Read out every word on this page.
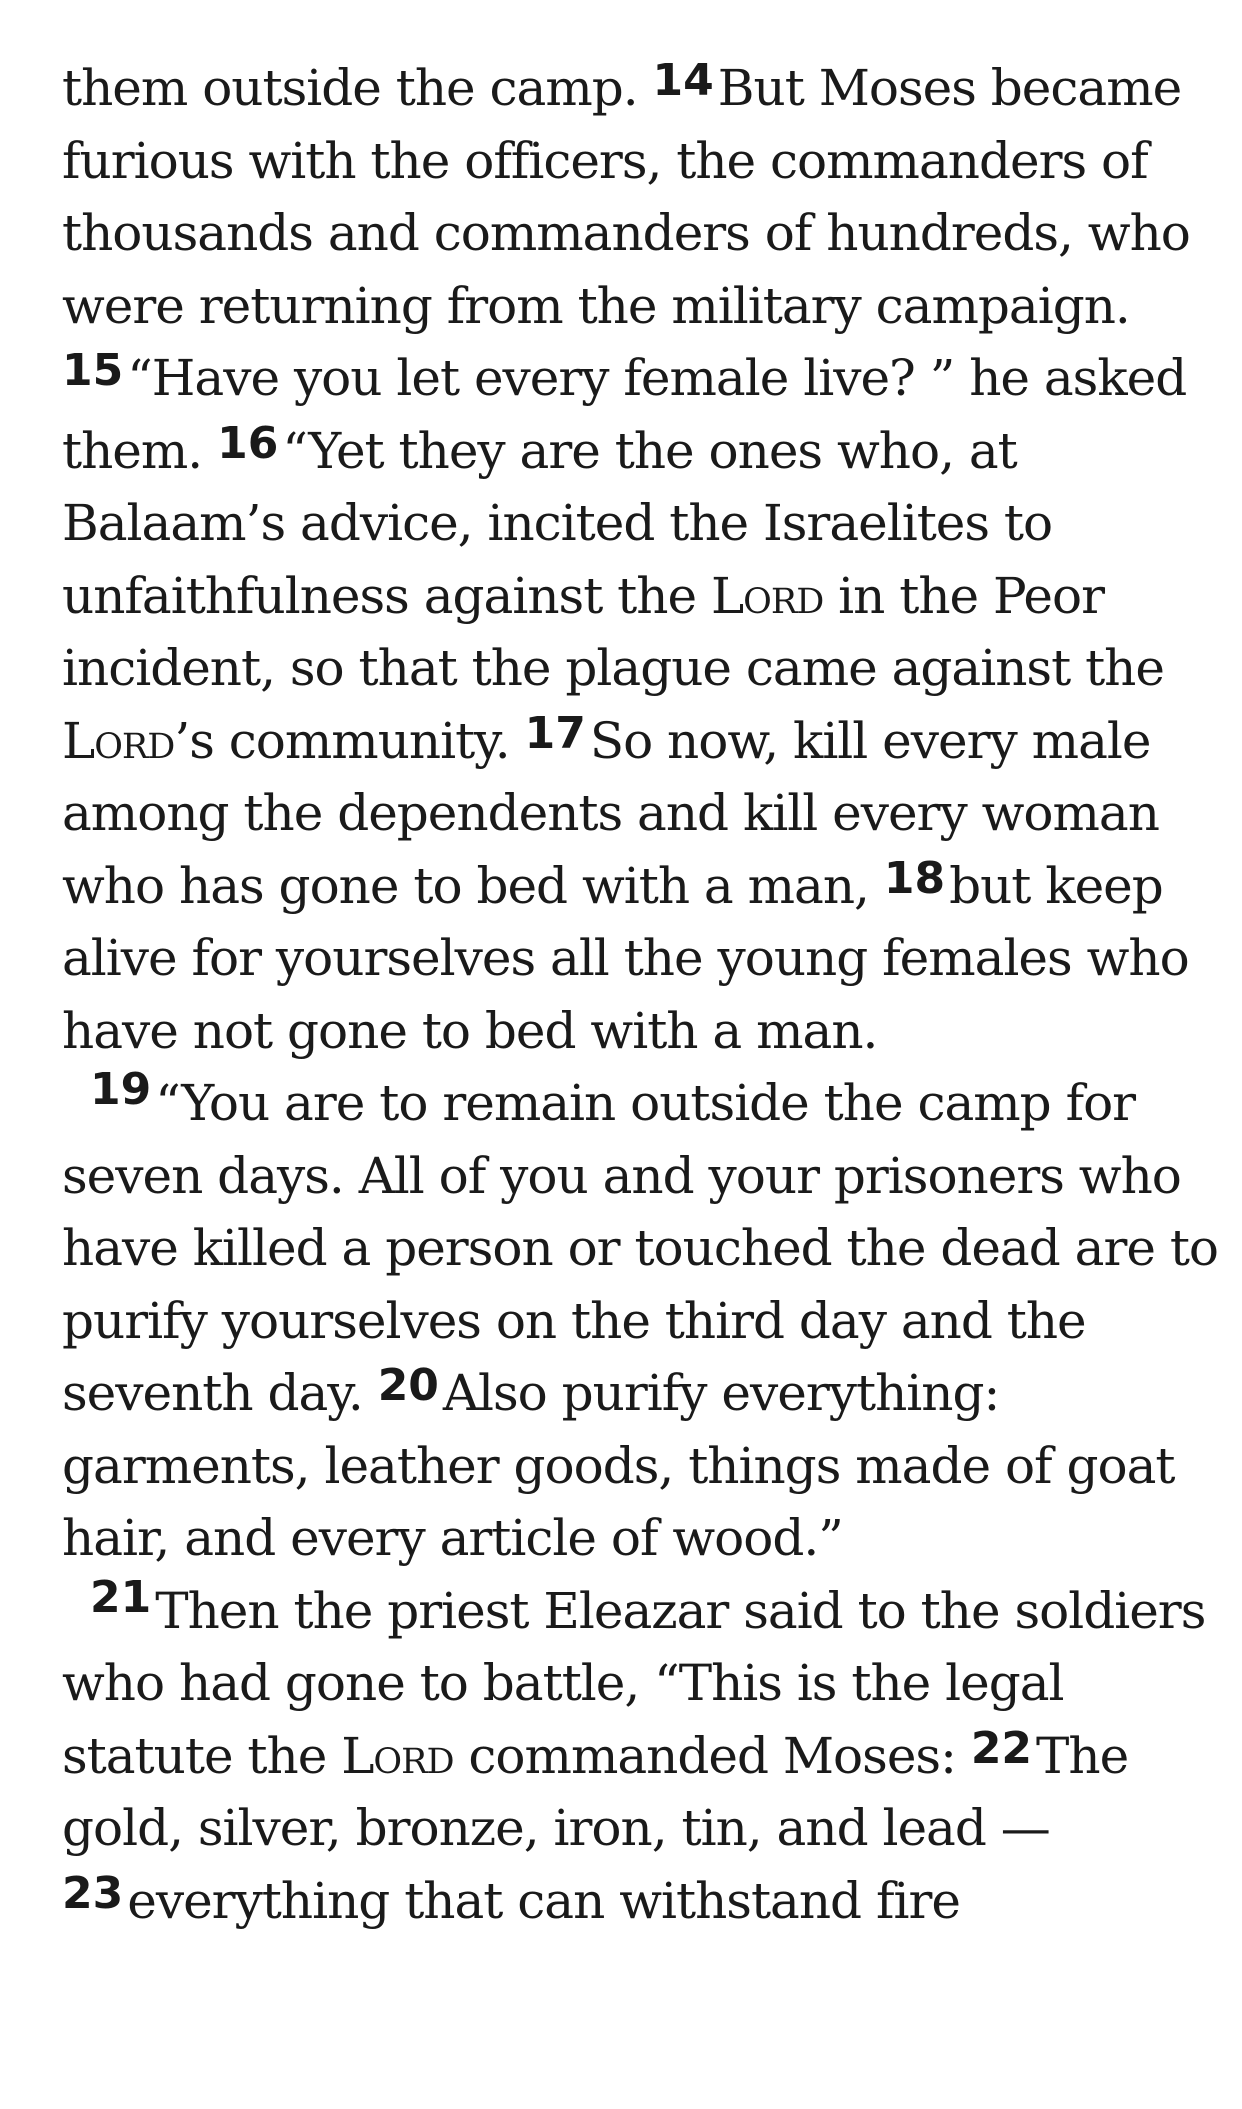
them outside the camp. 14But Moses became furious with the officers, the commanders of thousands and commanders of hundreds, who were returning from the military campaign. 15“Have you let every female live? ” he asked them. 16“Yet they are the ones who, at Balaam’s advice, incited the Israelites to unfaithfulness against the Lord in the Peor incident, so that the plague came against the Lord’s community. 17So now, kill every male among the dependents and kill every woman who has gone to bed with a man, 18but keep alive for yourselves all the young females who have not gone to bed with a man.
19“You are to remain outside the camp for seven days. All of you and your prisoners who have killed a person or touched the dead are to purify yourselves on the third day and the seventh day. 20Also purify everything: garments, leather goods, things made of goat hair, and every article of wood.”
21Then the priest Eleazar said to the soldiers who had gone to battle, “This is the legal statute the Lord commanded Moses: 22The gold, silver, bronze, iron, tin, and lead —23everything that can withstand fire
